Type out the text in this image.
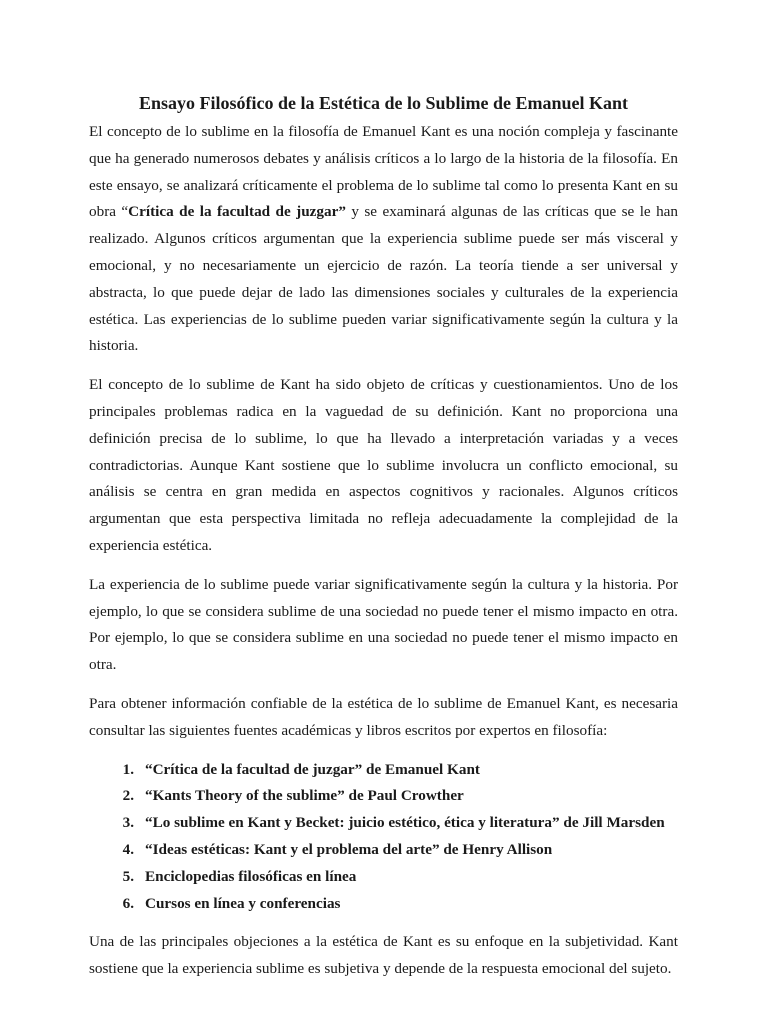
Ensayo Filosófico de la Estética de lo Sublime de Emanuel Kant

El concepto de lo sublime en la filosofía de Emanuel Kant es una noción compleja y fascinante que ha generado numerosos debates y análisis críticos a lo largo de la historia de la filosofía. En este ensayo, se analizará críticamente el problema de lo sublime tal como lo presenta Kant en su obra “Crítica de la facultad de juzgar” y se examinará algunas de las críticas que se le han realizado. Algunos críticos argumentan que la experiencia sublime puede ser más visceral y emocional, y no necesariamente un ejercicio de razón. La teoría tiende a ser universal y abstracta, lo que puede dejar de lado las dimensiones sociales y culturales de la experiencia estética. Las experiencias de lo sublime pueden variar significativamente según la cultura y la historia.

El concepto de lo sublime de Kant ha sido objeto de críticas y cuestionamientos. Uno de los principales problemas radica en la vaguedad de su definición. Kant no proporciona una definición precisa de lo sublime, lo que ha llevado a interpretación variadas y a veces contradictorias. Aunque Kant sostiene que lo sublime involucra un conflicto emocional, su análisis se centra en gran medida en aspectos cognitivos y racionales. Algunos críticos argumentan que esta perspectiva limitada no refleja adecuadamente la complejidad de la experiencia estética.

La experiencia de lo sublime puede variar significativamente según la cultura y la historia. Por ejemplo, lo que se considera sublime de una sociedad no puede tener el mismo impacto en otra. Por ejemplo, lo que se considera sublime en una sociedad no puede tener el mismo impacto en otra.

Para obtener información confiable de la estética de lo sublime de Emanuel Kant, es necesaria consultar las siguientes fuentes académicas y libros escritos por expertos en filosofía:

1. “Crítica de la facultad de juzgar” de Emanuel Kant
2. “Kants Theory of the sublime” de Paul Crowther
3. “Lo sublime en Kant y Becket: juicio estético, ética y literatura” de Jill Marsden
4. “Ideas estéticas: Kant y el problema del arte” de Henry Allison
5. Enciclopedias filosóficas en línea
6. Cursos en línea y conferencias

Una de las principales objeciones a la estética de Kant es su enfoque en la subjetividad. Kant sostiene que la experiencia sublime es subjetiva y depende de la respuesta emocional del sujeto.
